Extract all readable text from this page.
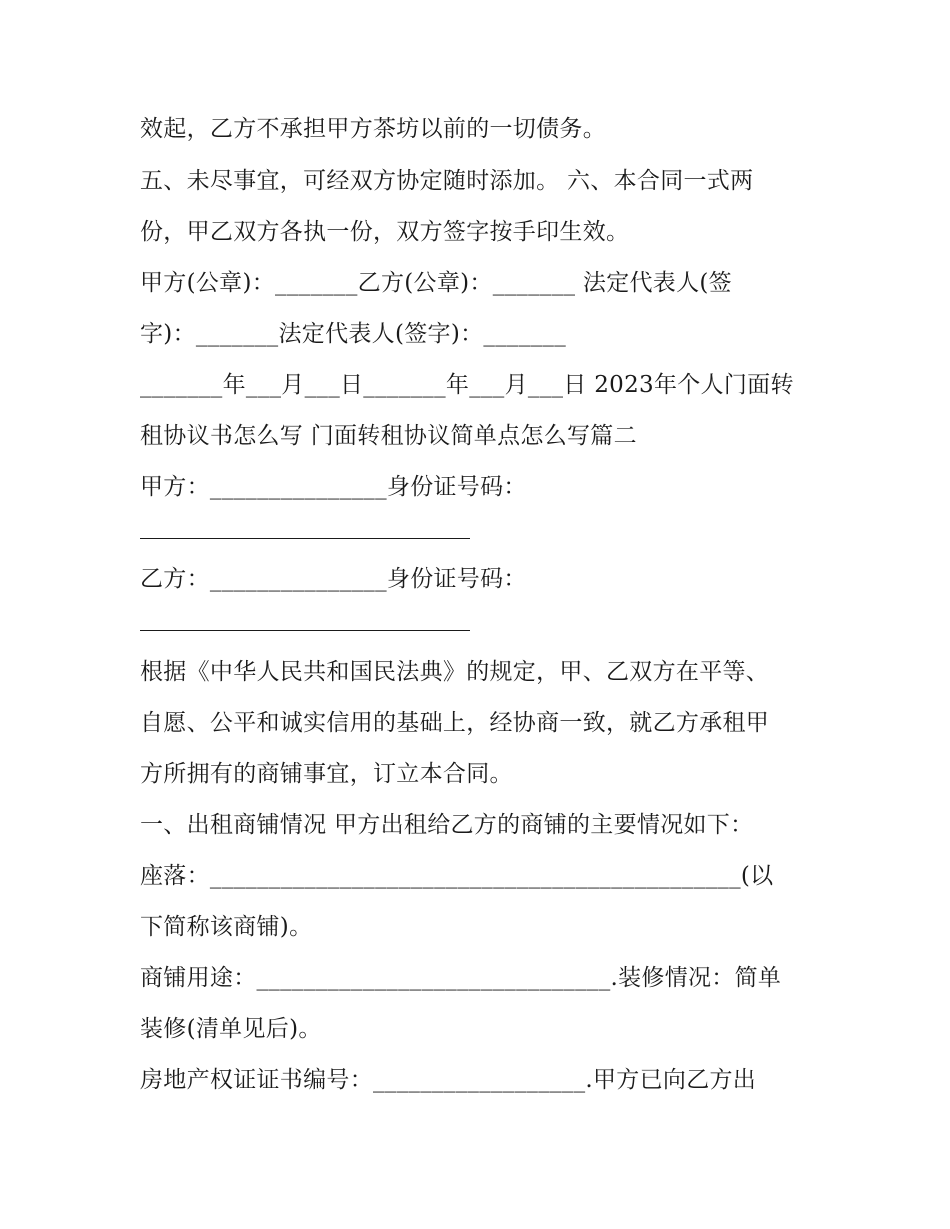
效起，乙方不承担甲方茶坊以前的一切债务。
五、未尽事宜，可经双方协定随时添加。 六、本合同一式两
份，甲乙双方各执一份，双方签字按手印生效。
甲方(公章)：_______乙方(公章)：_______ 法定代表人(签
字)：_______法定代表人(签字)：_______
_______年___月___日_______年___月___日 2023年个人门面转
租协议书怎么写 门面转租协议简单点怎么写篇二
甲方：_______________身份证号码：
乙方：_______________身份证号码：
根据《中华人民共和国民法典》的规定，甲、乙双方在平等、
自愿、公平和诚实信用的基础上，经协商一致，就乙方承租甲
方所拥有的商铺事宜，订立本合同。
一、出租商铺情况 甲方出租给乙方的商铺的主要情况如下：
座落：_____________________________________________(以
下简称该商铺)。
商铺用途：______________________________.装修情况：简单
装修(清单见后)。
房地产权证证书编号：__________________.甲方已向乙方出
